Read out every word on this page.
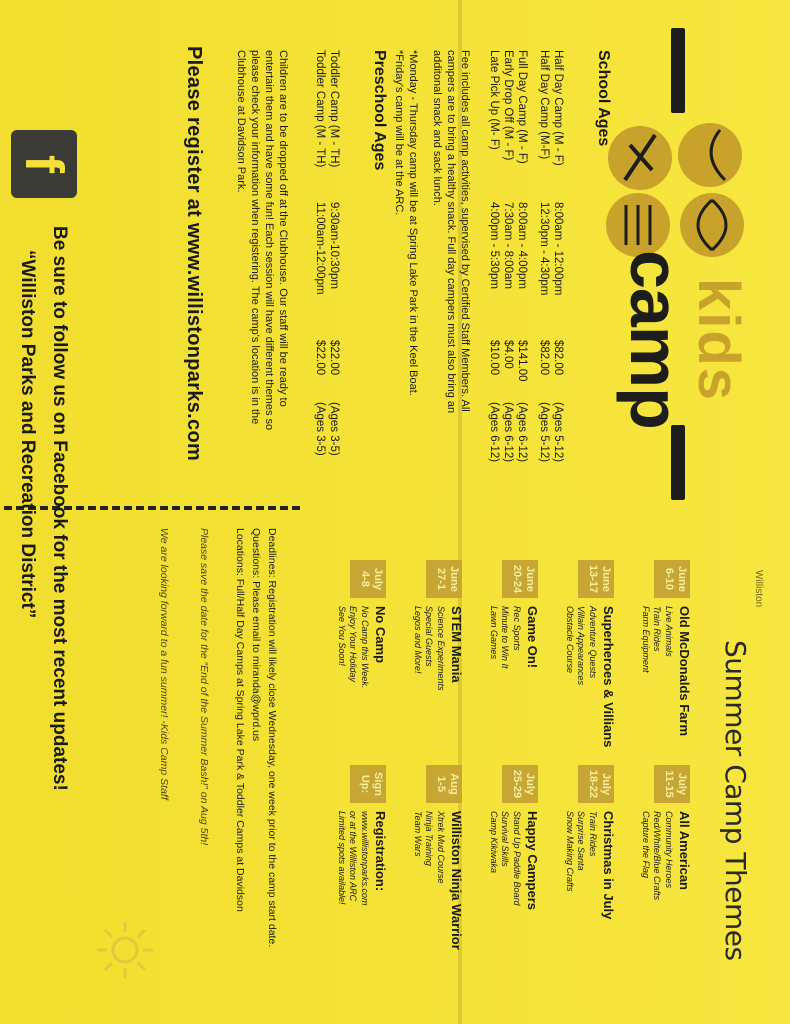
kids
camp
School Ages
Half Day Camp (M - F)
8:00am - 12:00pm
$82.00
(Ages 5-12)
Half Day Camp (M-F)
12:30pm - 4:30pm
$82.00
(Ages 5-12)
Full Day Camp (M - F)
8:00am - 4:00pm
$141.00
(Ages 6-12)
Early Drop Off (M - F)
7:30am - 8:00am
$4.00
(Ages 6-12)
Late Pick Up (M- F)
4:00pm - 5:30pm
$10.00
(Ages 6-12)
Fee includes all camp activities, supervised by Certified Staff Members. All
campers are to bring a healthy snack. Full day campers must also bring an
additonal snack and sack lunch.
*Monday - Thursday camp will be at Spring Lake Park in the Keel Boat.
*Friday's camp will be at the ARC.
Preschool Ages
Toddler Camp (M - TH)
9:30am-10:30pm
$22.00
(Ages 3-5)
Toddler Camp (M - TH)
11:00am-12:00pm
$22.00
(Ages 3-5)
Children are to be dropped off at the Clubhouse. Our staff will be ready to
entertain them and have some fun! Each session will have different themes so
please check your information when registering. The camp's location is in the
Clubhouse at Davidson Park.
Please register at www.willistonparks.com
f
Be sure to follow us on Facebook for the most recent updates!
“Williston Parks and Recreation District”	Williston
Summer Camp Themes
June
6-10
Old McDonalds Farm
Live Animals
Train Rides
Farm Equipment
July
11-15
All American
Community Heroes
Red/White/Blue Crafts
Capture the Flag
June
13-17
Superheroes & Villians
Adventure Quests
Villain Appearances
Obstacle Course
July
18-22
Christmas in July
Train Rides
Surprise Santa
Snow Making Crafts
June
20-24
Game On!
Rec Sports
Minute to Win It
Lawn Games
July
25-29
Happy Campers
Stand Up Paddle Board
Survival Skills
Camp Kikiwaka
June
27-1
STEM Mania
Science Experiments
Special Guests
Legos and More!
Aug
1-5
Williston Ninja Warrior
Xtrek Mud Course
Ninja Training
Team Wars
July
4-8
No Camp
No Camp this Week.
Enjoy Your Holiday
See You Soon!
Sign
Up:
Registration:
www.willistonparks.com
or at the Williston ARC
Limited spots available!
Deadlines: Registration will likely close Wednesday, one week prior to the camp start date.
Questions: Please email to miranda@wprd.us
Locations: Full/Half Day Camps at Spring Lake Park & Toddler Camps at Davidson
Please save the date for the “End of the Summer Bash!” on Aug 5th!
We are looking forward to a fun summer! -Kids Camp Staff
